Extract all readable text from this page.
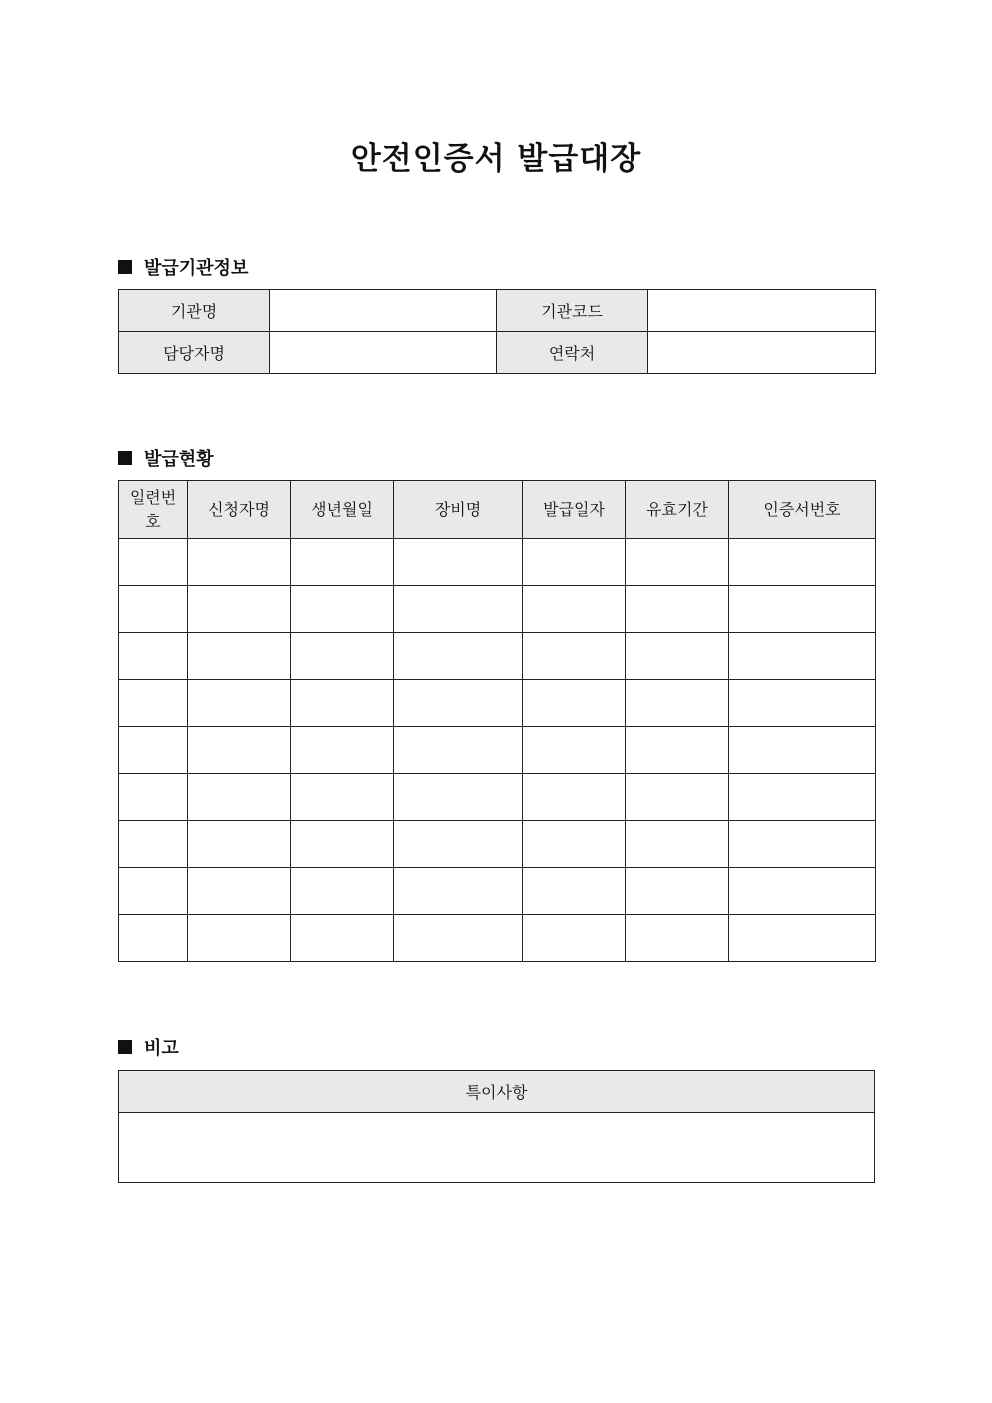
안전인증서 발급대장
발급기관정보
기관명		기관코드	
담당자명		연락처	
발급현황
일련번호	신청자명	생년월일	장비명	발급일자	유효기간	인증서번호

비고
특이사항
